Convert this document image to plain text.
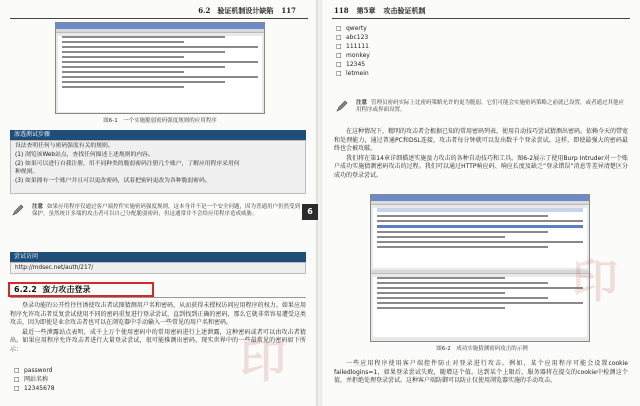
6.2　验证机制设计缺陷 117
图6-1　一个实施脆弱密码强度规则的应用程序
渗透测试步骤

设法查明任何与密码强度有关的规则。

(1) 浏览该Web站点，查找任何描述上述规则的内容。

(2) 如果可以进行自我注册，用不同种类的脆弱密码注册几个账户，了解应用程序采用何

种规则。

(3) 如果拥有一个账户并且可以更改密码，试着把密码更改为各种脆弱密码。

注意 如果应用程序仅通过客户端控件实施密码强度规则，这本身并不是一个安全问题，因为普通用户仍然受到保护。虽然统计多端的攻击者可以自己分配脆弱密码，但这通常并不会给应用程序造成威胁。
尝试访问

http://mdsec.net/auth/217/

6.2.2 蛮力攻击登录

登录功能的公开性往往诱使攻击者试图猜测用户名和密码，从而获得未授权访问应用程序的权力。如果应用程序允许攻击者反复尝试使用不同的密码重复进行登录尝试，直到找到正确的密码，那么它就非常容易遭受这类攻击，因为即使是业余攻击者也可以在浏览器中手动输入一些常见的用户名和密码。

最近一些泄露站点表明，成千上万个使用密码中的常用密码进行上述泄露，这种密码或者可以由攻击者猜出。如果应用程序允许攻击者进行大量登录尝试，很可能推测出密码。现实世界中的一些最常见的密码如下所示：

□ password
□ 网站名称
□ 12345678
印
6
118 第5章 攻击验证机制
□ qwerty
□ abc123
□ 111111
□ monkey
□ 12345
□ letmein
注意 管理员密码实际上比密码策略允许的更为脆弱。它们可能会实施密码策略之前就已设置，或者通过其他应用程序或界面设置。

在这种情况下，精明的攻击者会根据已知的常用密码列表，使用自动技巧尝试猜测出密码。依赖今天的带宽和处理能力，通过普通PC和DSL连接，攻击者每分钟就可以发出数千个登录尝试。这样，即使最强大的密码最终也会被攻破。

我们将在第14章详细描述实施蛮力攻击的各种自动技巧和工具。图6-2展示了使用Burp Intruder对一个账户成功实施猜测密码攻击的过程。我们可以通过HTTP响应码、响应长度及缺乏“登录错误”消息等差异清楚区分成功的登录尝试。

图6-2　成功实施猜测密码攻击的示例

一些应用程序使用客户端控件防止对登录进行攻击。例如，某个应用程序可能会设置cookie failedlogins=1，如果登录尝试失败，随增这个值。达到某个上限后，服务器将在提交的cookie中检测这个值，并拒绝处理登录尝试。这种客户端防御可以防止仅使用浏览器实施的手动攻击。

印
